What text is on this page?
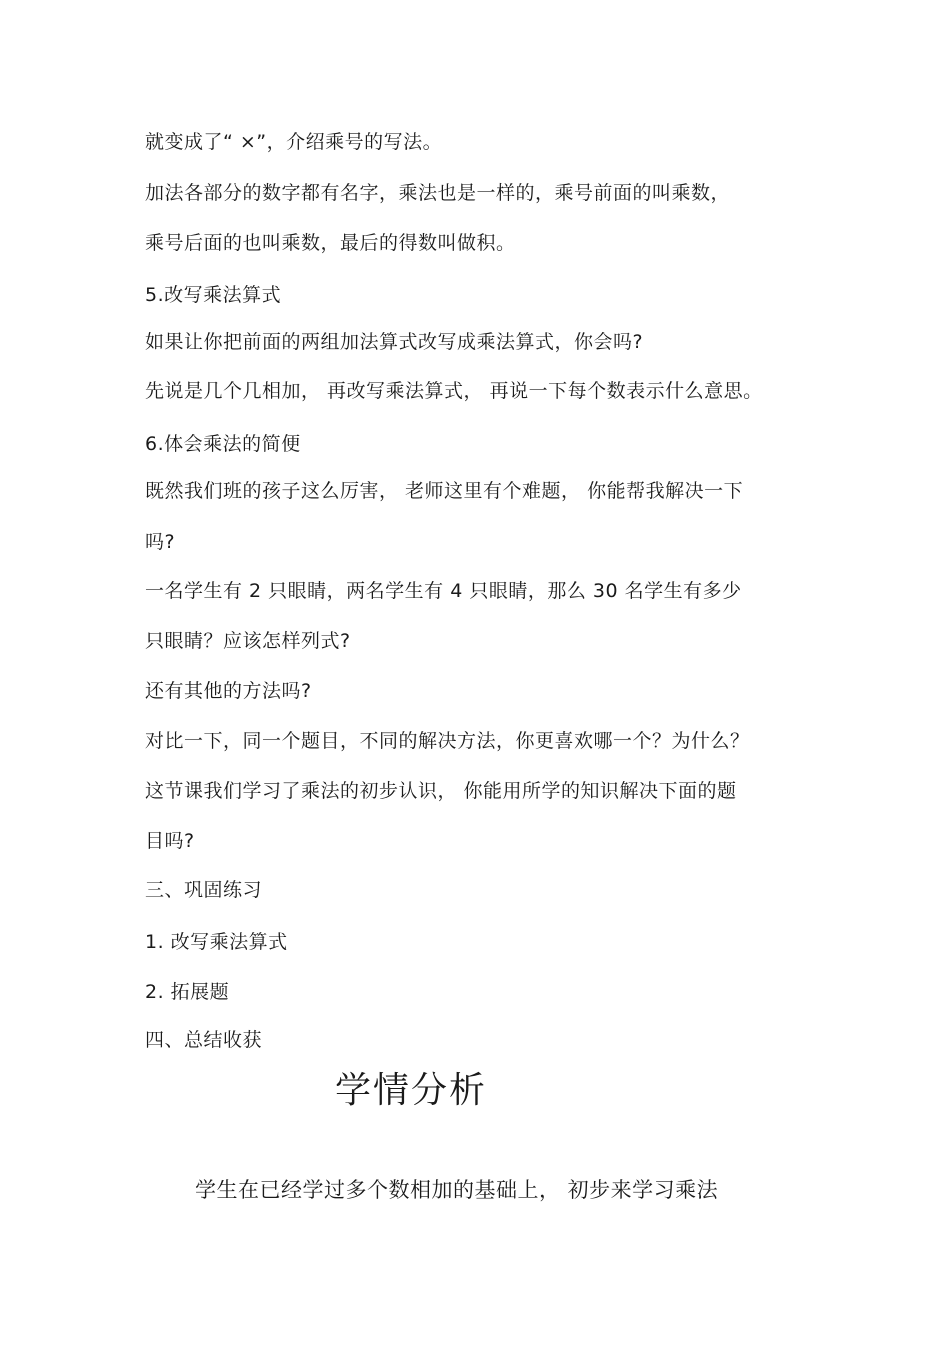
就变成了“ ×”，介绍乘号的写法。
加法各部分的数字都有名字，乘法也是一样的，乘号前面的叫乘数，
乘号后面的也叫乘数，最后的得数叫做积。
5.改写乘法算式
如果让你把前面的两组加法算式改写成乘法算式，你会吗?
先说是几个几相加， 再改写乘法算式， 再说一下每个数表示什么意思。
6.体会乘法的简便
既然我们班的孩子这么厉害， 老师这里有个难题， 你能帮我解决一下
吗?
一名学生有 2 只眼睛，两名学生有 4 只眼睛，那么 30 名学生有多少
只眼睛？应该怎样列式?
还有其他的方法吗?
对比一下，同一个题目，不同的解决方法，你更喜欢哪一个？为什么？
这节课我们学习了乘法的初步认识， 你能用所学的知识解决下面的题
目吗?
三、巩固练习
1. 改写乘法算式
2. 拓展题
四、总结收获
学情分析
学生在已经学过多个数相加的基础上， 初步来学习乘法
